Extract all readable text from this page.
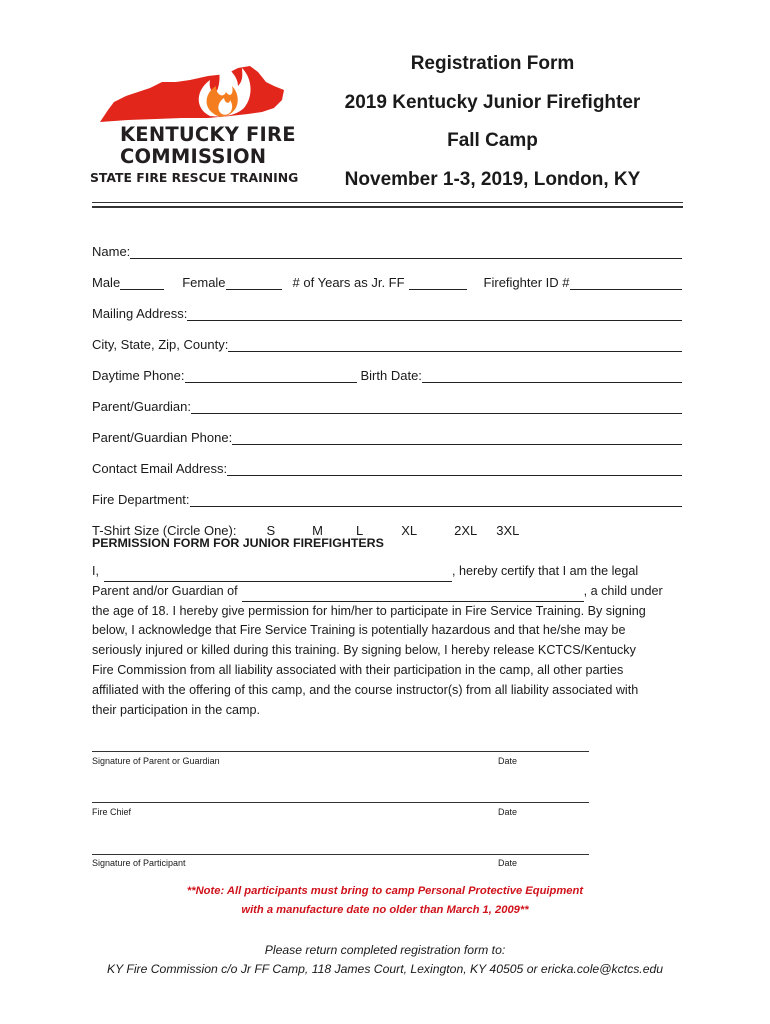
KENTUCKY FIRE
COMMISSION
STATE FIRE RESCUE TRAINING
Registration Form
2019 Kentucky Junior Firefighter
Fall Camp
November 1-3, 2019, London, KY
Name:
Male	Female	# of Years as Jr. FF	Firefighter ID #
Mailing Address:
City, State, Zip, County:
Daytime Phone:	Birth Date:
Parent/Guardian:
Parent/Guardian Phone:
Contact Email Address:
Fire Department:
T-Shirt Size (Circle One): S	M	L	XL	2XL 3XL
PERMISSION FORM FOR JUNIOR FIREFIGHTERS
I,	, hereby certify that I am the legal
Parent and/or Guardian of	, a child under
the age of 18. I hereby give permission for him/her to participate in Fire Service Training. By signing
below, I acknowledge that Fire Service Training is potentially hazardous and that he/she may be
seriously injured or killed during this training. By signing below, I hereby release KCTCS/Kentucky
Fire Commission from all liability associated with their participation in the camp, all other parties
affiliated with the offering of this camp, and the course instructor(s) from all liability associated with
their participation in the camp.
Signature of Parent or Guardian	Date
Fire Chief	Date
Signature of Participant	Date
**Note: All participants must bring to camp Personal Protective Equipment
with a manufacture date no older than March 1, 2009**
Please return completed registration form to:
KY Fire Commission c/o Jr FF Camp, 118 James Court, Lexington, KY 40505 or ericka.cole@kctcs.edu
